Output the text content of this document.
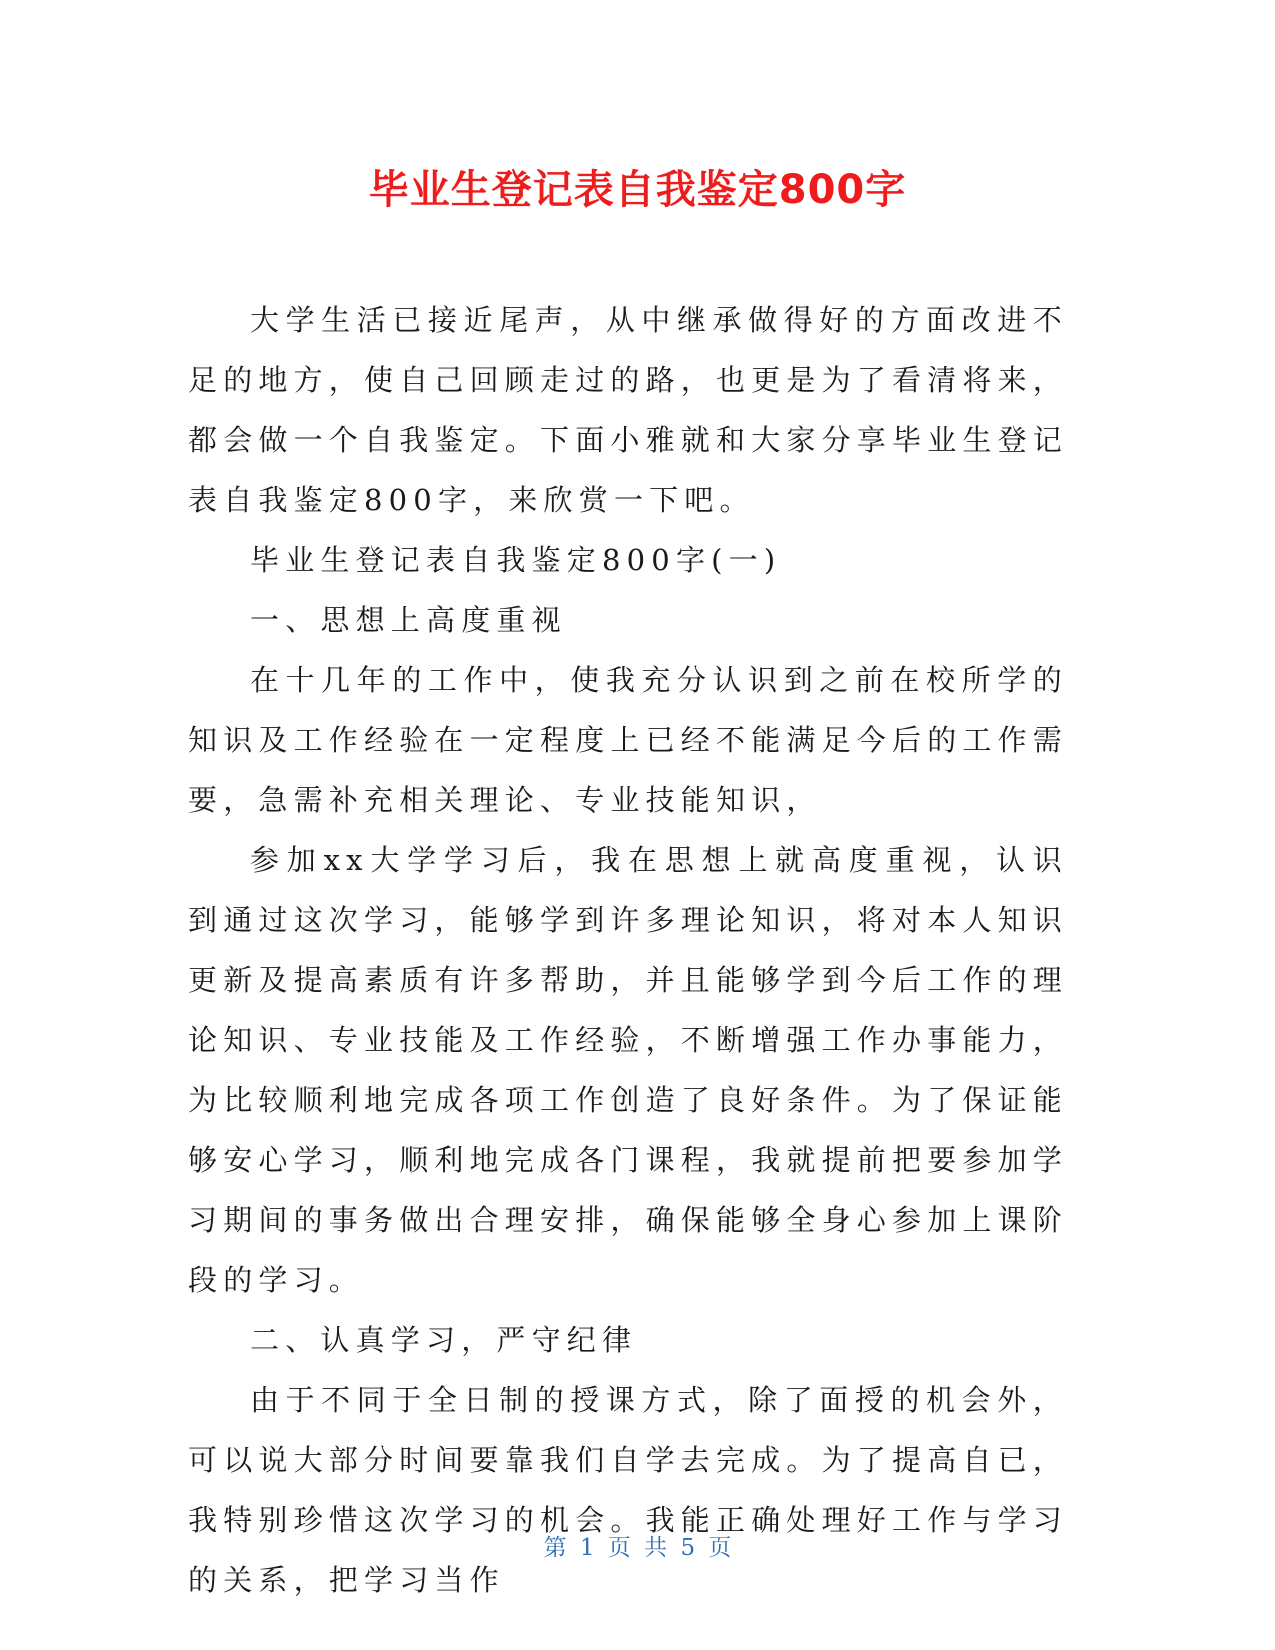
毕业生登记表自我鉴定800字

大学生活已接近尾声，从中继承做得好的方面改进不足的地方，使自己回顾走过的路，也更是为了看清将来，都会做一个自我鉴定。下面小雅就和大家分享毕业生登记表自我鉴定800字，来欣赏一下吧。

毕业生登记表自我鉴定800字(一)

一、思想上高度重视

在十几年的工作中，使我充分认识到之前在校所学的知识及工作经验在一定程度上已经不能满足今后的工作需要，急需补充相关理论、专业技能知识，

参加xx大学学习后，我在思想上就高度重视，认识到通过这次学习，能够学到许多理论知识，将对本人知识更新及提高素质有许多帮助，并且能够学到今后工作的理论知识、专业技能及工作经验，不断增强工作办事能力，为比较顺利地完成各项工作创造了良好条件。为了保证能够安心学习，顺利地完成各门课程，我就提前把要参加学习期间的事务做出合理安排，确保能够全身心参加上课阶段的学习。

二、认真学习，严守纪律

由于不同于全日制的授课方式，除了面授的机会外，可以说大部分时间要靠我们自学去完成。为了提高自已，我特别珍惜这次学习的机会。我能正确处理好工作与学习的关系，把学习当作

第 1 页 共 5 页
